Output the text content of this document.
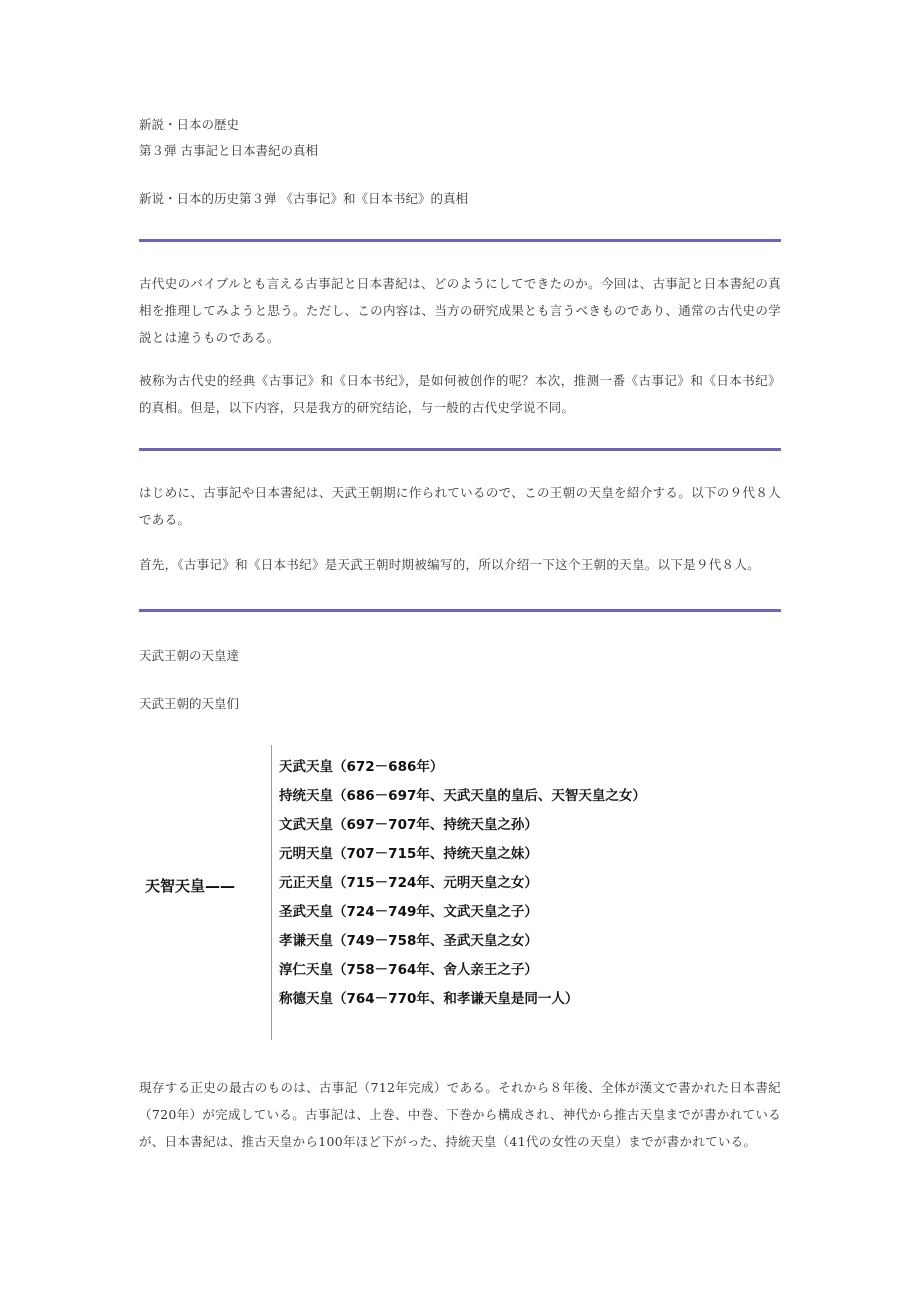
新説・日本の歴史
第３弾 古事記と日本書紀の真相
新说・日本的历史第３弹 《古事记》和《日本书纪》的真相
古代史のバイブルとも言える古事記と日本書紀は、どのようにしてできたのか。今回は、古事記と日本書紀の真相を推理してみようと思う。ただし、この内容は、当方の研究成果とも言うべきものであり、通常の古代史の学説とは違うものである。
被称为古代史的经典《古事记》和《日本书纪》，是如何被创作的呢？本次，推测一番《古事记》和《日本书纪》的真相。但是，以下内容，只是我方的研究结论，与一般的古代史学说不同。
はじめに、古事記や日本書紀は、天武王朝期に作られているので、この王朝の天皇を紹介する。以下の９代８人である。
首先，《古事记》和《日本书纪》是天武王朝时期被编写的，所以介绍一下这个王朝的天皇。以下是９代８人。
天武王朝の天皇達
天武王朝的天皇们
天智天皇——
天武天皇（672－686年）
持统天皇（686－697年、天武天皇的皇后、天智天皇之女）
文武天皇（697－707年、持统天皇之孙）
元明天皇（707－715年、持统天皇之妹）
元正天皇（715－724年、元明天皇之女）
圣武天皇（724－749年、文武天皇之子）
孝谦天皇（749－758年、圣武天皇之女）
淳仁天皇（758－764年、舍人亲王之子）
称德天皇（764－770年、和孝谦天皇是同一人）
現存する正史の最古のものは、古事記（712年完成）である。それから８年後、全体が漢文で書かれた日本書紀（720年）が完成している。古事記は、上巻、中巻、下巻から構成され、神代から推古天皇までが書かれているが、日本書紀は、推古天皇から100年ほど下がった、持統天皇（41代の女性の天皇）までが書かれている。
